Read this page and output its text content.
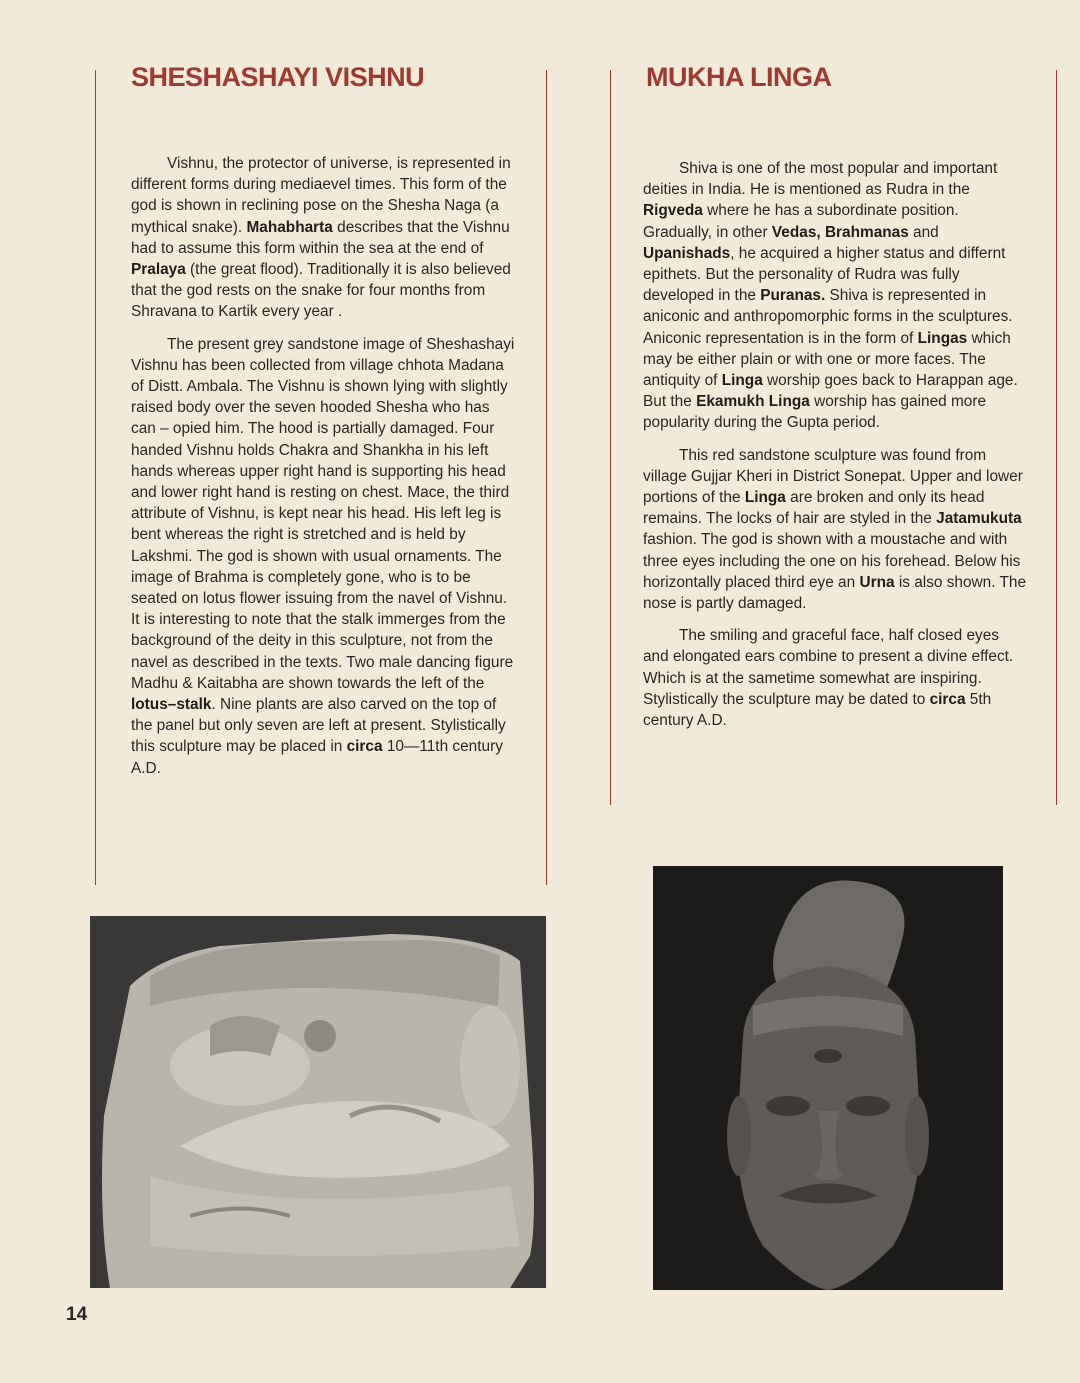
SHESHASHAYI VISHNU

Vishnu, the protector of universe, is represented in different forms during mediaevel times. This form of the god is shown in reclining pose on the Shesha Naga (a mythical snake). Mahabharta describes that the Vishnu had to assume this form within the sea at the end of Pralaya (the great flood). Traditionally it is also believed that the god rests on the snake for four months from Shravana to Kartik every year .

The present grey sandstone image of Sheshashayi Vishnu has been collected from village chhota Madana of Distt. Ambala. The Vishnu is shown lying with slightly raised body over the seven hooded Shesha who has can – opied him. The hood is partially damaged. Four handed Vishnu holds Chakra and Shankha in his left hands whereas upper right hand is supporting his head and lower right hand is resting on chest. Mace, the third attribute of Vishnu, is kept near his head. His left leg is bent whereas the right is stretched and is held by Lakshmi. The god is shown with usual ornaments. The image of Brahma is completely gone, who is to be seated on lotus flower issuing from the navel of Vishnu. It is interesting to note that the stalk immerges from the background of the deity in this sculpture, not from the navel as described in the texts. Two male dancing figure Madhu & Kaitabha are shown towards the left of the lotus–stalk. Nine plants are also carved on the top of the panel but only seven are left at present. Stylistically this sculpture may be placed in circa 10—11th century A.D.

MUKHA LINGA

Shiva is one of the most popular and important deities in India. He is mentioned as Rudra in the Rigveda where he has a subordinate position. Gradually, in other Vedas, Brahmanas and Upanishads, he acquired a higher status and differnt epithets. But the personality of Rudra was fully developed in the Puranas. Shiva is represented in aniconic and anthropomorphic forms in the sculptures. Aniconic representation is in the form of Lingas which may be either plain or with one or more faces. The antiquity of Linga worship goes back to Harappan age. But the Ekamukh Linga worship has gained more popularity during the Gupta period.

This red sandstone sculpture was found from village Gujjar Kheri in District Sonepat. Upper and lower portions of the Linga are broken and only its head remains. The locks of hair are styled in the Jatamukuta fashion. The god is shown with a moustache and with three eyes including the one on his forehead. Below his horizontally placed third eye an Urna is also shown. The nose is partly damaged.

The smiling and graceful face, half closed eyes and elongated ears combine to present a divine effect. Which is at the sametime somewhat are inspiring. Stylistically the sculpture may be dated to circa 5th century A.D.

14
